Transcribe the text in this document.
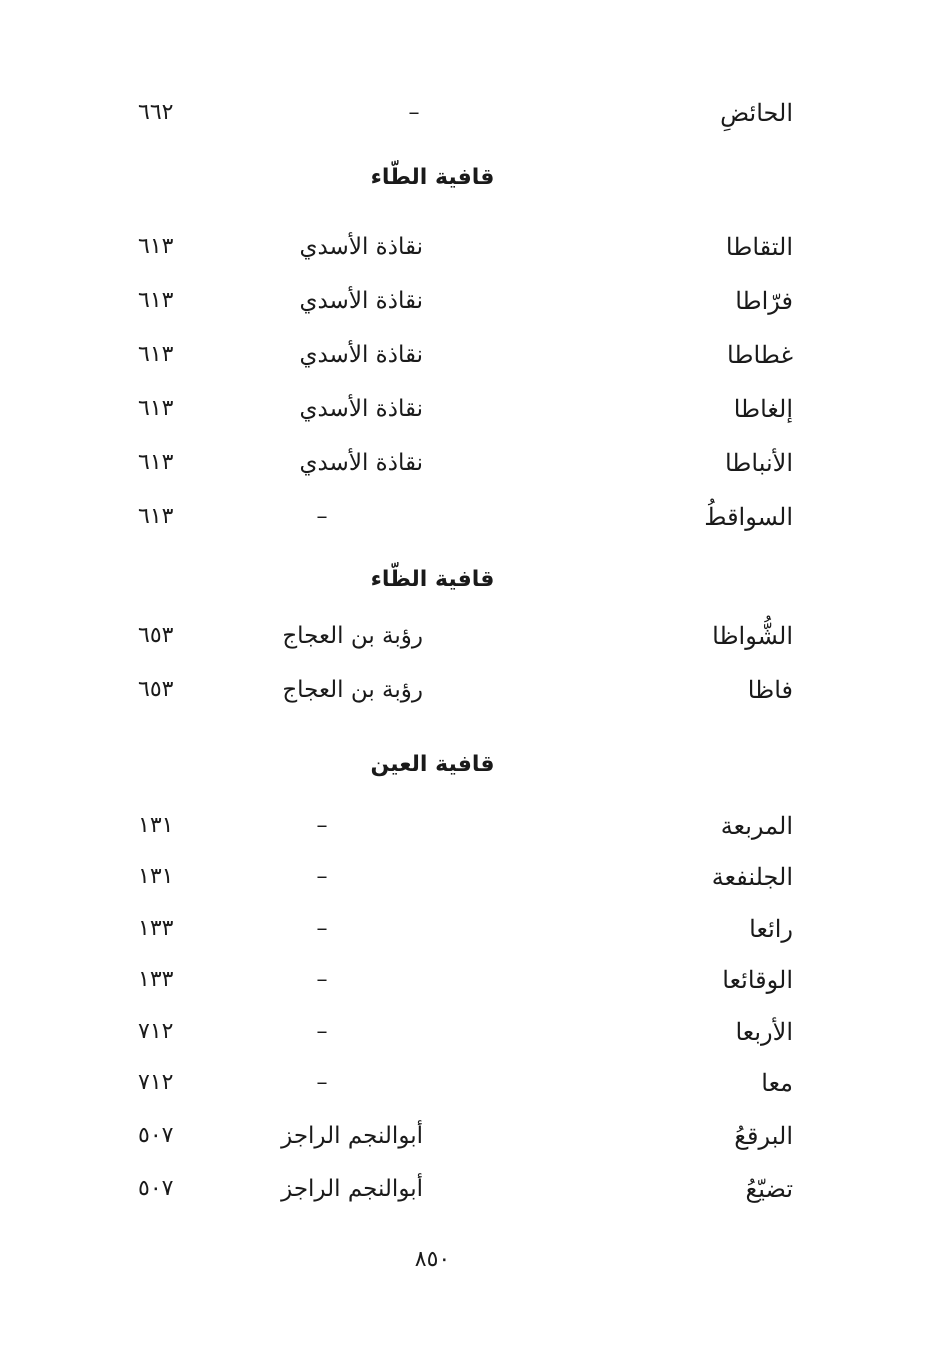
الحائضِ
–
٦٦٢
قافية الطّاء
التقاطا
نقاذة الأسدي
٦١٣
فرّاطا
نقاذة الأسدي
٦١٣
غطاطا
نقاذة الأسدي
٦١٣
إلغاطا
نقاذة الأسدي
٦١٣
الأنباطا
نقاذة الأسدي
٦١٣
السواقطُ
–
٦١٣
قافية الظّاء
الشُّواظا
رؤبة بن العجاج
٦٥٣
فاظا
رؤبة بن العجاج
٦٥٣
قافية العين
المربعة
–
١٣١
الجلنفعة
–
١٣١
رائعا
–
١٣٣
الوقائعا
–
١٣٣
الأربعا
–
٧١٢
معا
–
٧١٢
البرقعُ
أبوالنجم الراجز
٥٠٧
تضيّعُ
أبوالنجم الراجز
٥٠٧
٨٥٠
